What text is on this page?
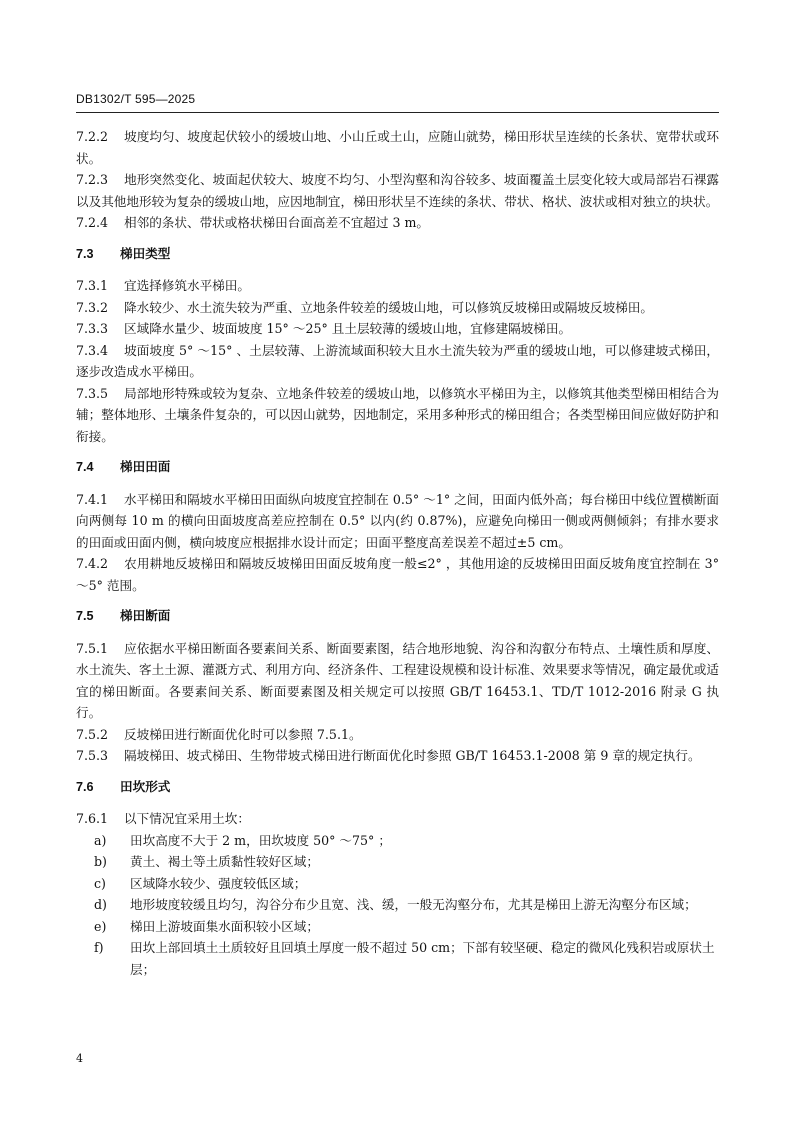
DB1302/T 595—2025

7.2.2 坡度均匀、坡度起伏较小的缓坡山地、小山丘或土山，应随山就势，梯田形状呈连续的长条状、宽带状或环状。

7.2.3 地形突然变化、坡面起伏较大、坡度不均匀、小型沟壑和沟谷较多、坡面覆盖土层变化较大或局部岩石裸露以及其他地形较为复杂的缓坡山地，应因地制宜，梯田形状呈不连续的条状、带状、格状、波状或相对独立的块状。

7.2.4 相邻的条状、带状或格状梯田台面高差不宜超过 3 m。

7.3 梯田类型

7.3.1 宜选择修筑水平梯田。

7.3.2 降水较少、水土流失较为严重、立地条件较差的缓坡山地，可以修筑反坡梯田或隔坡反坡梯田。

7.3.3 区域降水量少、坡面坡度 15° ～25° 且土层较薄的缓坡山地，宜修建隔坡梯田。

7.3.4 坡面坡度 5° ～15° 、土层较薄、上游流域面积较大且水土流失较为严重的缓坡山地，可以修建坡式梯田，逐步改造成水平梯田。

7.3.5 局部地形特殊或较为复杂、立地条件较差的缓坡山地，以修筑水平梯田为主，以修筑其他类型梯田相结合为辅；整体地形、土壤条件复杂的，可以因山就势，因地制定，采用多种形式的梯田组合；各类型梯田间应做好防护和衔接。

7.4 梯田田面

7.4.1 水平梯田和隔坡水平梯田田面纵向坡度宜控制在 0.5° ～1° 之间，田面内低外高；每台梯田中线位置横断面向两侧每 10 m 的横向田面坡度高差应控制在 0.5° 以内(约 0.87%)，应避免向梯田一侧或两侧倾斜；有排水要求的田面或田面内侧，横向坡度应根据排水设计而定；田面平整度高差误差不超过±5 cm。

7.4.2 农用耕地反坡梯田和隔坡反坡梯田田面反坡角度一般≤2° ，其他用途的反坡梯田田面反坡角度宜控制在 3° ～5° 范围。

7.5 梯田断面

7.5.1 应依据水平梯田断面各要素间关系、断面要素图，结合地形地貌、沟谷和沟叡分布特点、土壤性质和厚度、水土流失、客土土源、灌溉方式、利用方向、经济条件、工程建设规模和设计标准、效果要求等情况，确定最优或适宜的梯田断面。各要素间关系、断面要素图及相关规定可以按照 GB/T 16453.1、TD/T 1012-2016 附录 G 执行。

7.5.2 反坡梯田进行断面优化时可以参照 7.5.1。

7.5.3 隔坡梯田、坡式梯田、生物带坡式梯田进行断面优化时参照 GB/T 16453.1-2008 第 9 章的规定执行。

7.6 田坎形式

7.6.1 以下情况宜采用土坎：

a) 田坎高度不大于 2 m，田坎坡度 50° ～75° ；
b) 黄土、褐土等土质黏性较好区域；
c) 区域降水较少、强度较低区域；
d) 地形坡度较缓且均匀，沟谷分布少且宽、浅、缓，一般无沟壑分布，尤其是梯田上游无沟壑分布区域；
e) 梯田上游坡面集水面积较小区域；
f) 田坎上部回填土土质较好且回填土厚度一般不超过 50 cm；下部有较坚硬、稳定的微风化残积岩或原状土层；
4
